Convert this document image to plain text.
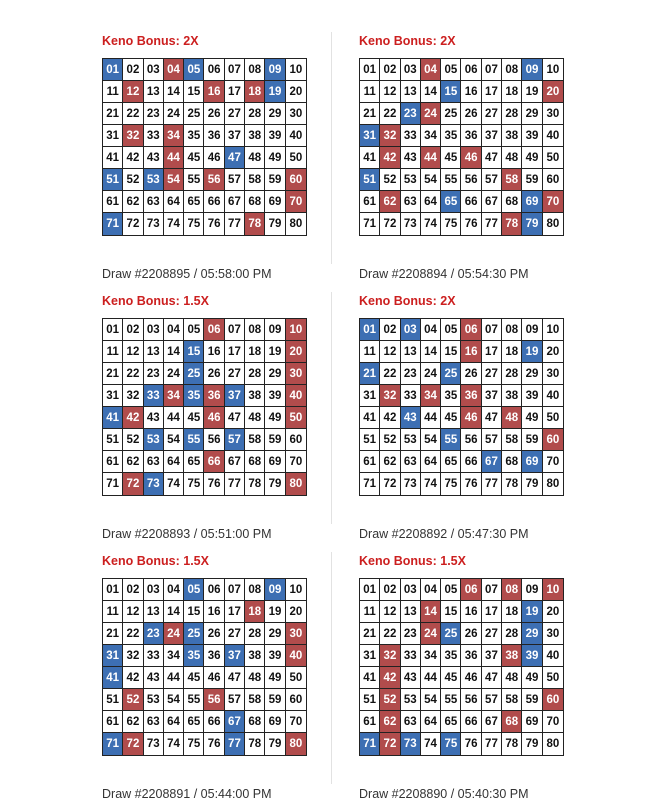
Keno Bonus: 2X
01 02 03 04 05 06 07 08 09 10
11 12 13 14 15 16 17 18 19 20
21 22 23 24 25 26 27 28 29 30
31 32 33 34 35 36 37 38 39 40
41 42 43 44 45 46 47 48 49 50
51 52 53 54 55 56 57 58 59 60
61 62 63 64 65 66 67 68 69 70
71 72 73 74 75 76 77 78 79 80
Draw #2208895 / 05:58:00 PM
Keno Bonus: 2X
01 02 03 04 05 06 07 08 09 10
11 12 13 14 15 16 17 18 19 20
21 22 23 24 25 26 27 28 29 30
31 32 33 34 35 36 37 38 39 40
41 42 43 44 45 46 47 48 49 50
51 52 53 54 55 56 57 58 59 60
61 62 63 64 65 66 67 68 69 70
71 72 73 74 75 76 77 78 79 80
Draw #2208894 / 05:54:30 PM
Keno Bonus: 1.5X
01 02 03 04 05 06 07 08 09 10
11 12 13 14 15 16 17 18 19 20
21 22 23 24 25 26 27 28 29 30
31 32 33 34 35 36 37 38 39 40
41 42 43 44 45 46 47 48 49 50
51 52 53 54 55 56 57 58 59 60
61 62 63 64 65 66 67 68 69 70
71 72 73 74 75 76 77 78 79 80
Draw #2208893 / 05:51:00 PM
Keno Bonus: 2X
01 02 03 04 05 06 07 08 09 10
11 12 13 14 15 16 17 18 19 20
21 22 23 24 25 26 27 28 29 30
31 32 33 34 35 36 37 38 39 40
41 42 43 44 45 46 47 48 49 50
51 52 53 54 55 56 57 58 59 60
61 62 63 64 65 66 67 68 69 70
71 72 73 74 75 76 77 78 79 80
Draw #2208892 / 05:47:30 PM
Keno Bonus: 1.5X
01 02 03 04 05 06 07 08 09 10
11 12 13 14 15 16 17 18 19 20
21 22 23 24 25 26 27 28 29 30
31 32 33 34 35 36 37 38 39 40
41 42 43 44 45 46 47 48 49 50
51 52 53 54 55 56 57 58 59 60
61 62 63 64 65 66 67 68 69 70
71 72 73 74 75 76 77 78 79 80
Draw #2208891 / 05:44:00 PM
Keno Bonus: 1.5X
01 02 03 04 05 06 07 08 09 10
11 12 13 14 15 16 17 18 19 20
21 22 23 24 25 26 27 28 29 30
31 32 33 34 35 36 37 38 39 40
41 42 43 44 45 46 47 48 49 50
51 52 53 54 55 56 57 58 59 60
61 62 63 64 65 66 67 68 69 70
71 72 73 74 75 76 77 78 79 80
Draw #2208890 / 05:40:30 PM
